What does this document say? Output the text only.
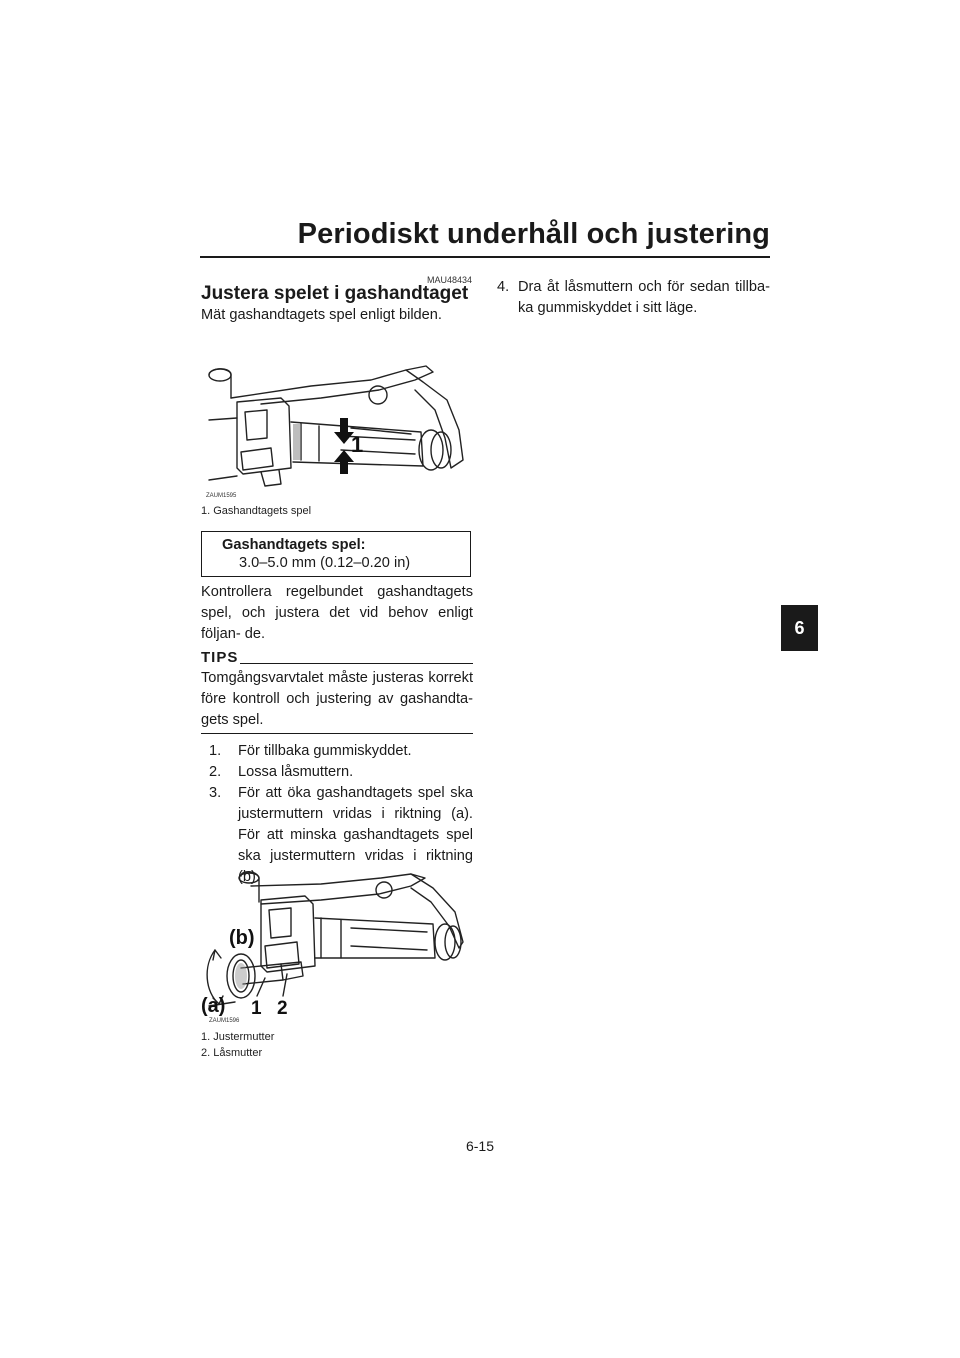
Periodiskt underhåll och justering
6
MAU48434
Justera spelet i gashandtaget
Mät gashandtagets spel enligt bilden.
1
ZAUM1595
1. Gashandtagets spel
Gashandtagets spel:
3.0–5.0 mm (0.12–0.20 in)
Kontrollera regelbundet gashandtagets spel, och justera det vid behov enligt följan- de.
TIPS
Tomgångsvarvtalet måste justeras korrekt före kontroll och justering av gashandta- gets spel.
1.	För tillbaka gummiskyddet.
2.	Lossa låsmuttern.
3.	För att öka gashandtagets spel ska justermuttern vridas i riktning (a). För att minska gashandtagets spel ska justermuttern vridas i riktning (b).
4. Dra åt låsmuttern och för sedan tillba- ka gummiskyddet i sitt läge.
(b)
(a) 1 2
ZAUM1596
1. Justermutter
2. Låsmutter
6-15
